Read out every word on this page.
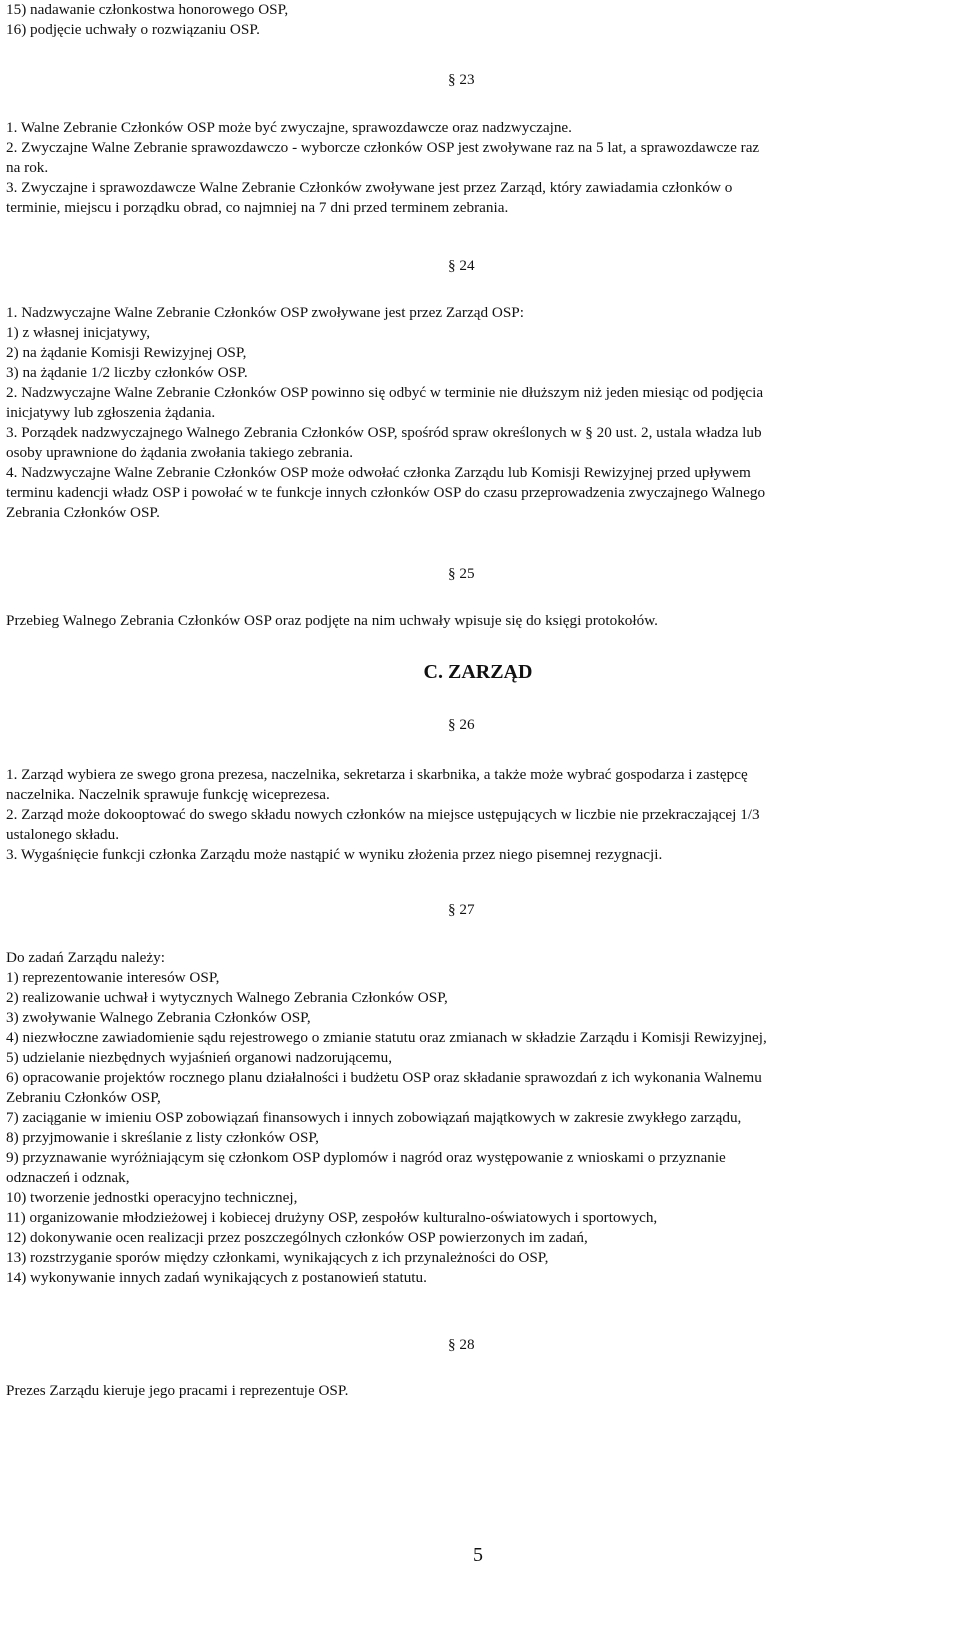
15) nadawanie członkostwa honorowego OSP,
16) podjęcie uchwały o rozwiązaniu OSP.
§ 23
1. Walne Zebranie Członków OSP może być zwyczajne, sprawozdawcze oraz nadzwyczajne.
2. Zwyczajne Walne Zebranie sprawozdawczo - wyborcze członków OSP jest zwoływane raz na 5 lat, a sprawozdawcze raz
na rok.
3. Zwyczajne i sprawozdawcze Walne Zebranie Członków zwoływane jest przez Zarząd, który zawiadamia członków o
terminie, miejscu i porządku obrad, co najmniej na 7 dni przed terminem zebrania.
§ 24
1. Nadzwyczajne Walne Zebranie Członków OSP zwoływane jest przez Zarząd OSP:
1) z własnej inicjatywy,
2) na żądanie Komisji Rewizyjnej OSP,
3) na żądanie 1/2 liczby członków OSP.
2. Nadzwyczajne Walne Zebranie Członków OSP powinno się odbyć w terminie nie dłuższym niż jeden miesiąc od podjęcia
inicjatywy lub zgłoszenia żądania.
3. Porządek nadzwyczajnego Walnego Zebrania Członków OSP, spośród spraw określonych w § 20 ust. 2, ustala władza lub
osoby uprawnione do żądania zwołania takiego zebrania.
4. Nadzwyczajne Walne Zebranie Członków OSP może odwołać członka Zarządu lub Komisji Rewizyjnej przed upływem
terminu kadencji władz OSP i powołać w te funkcje innych członków OSP do czasu przeprowadzenia zwyczajnego Walnego
Zebrania Członków OSP.
§ 25
Przebieg Walnego Zebrania Członków OSP oraz podjęte na nim uchwały wpisuje się do księgi protokołów.
C. ZARZĄD
§ 26
1. Zarząd wybiera ze swego grona prezesa, naczelnika, sekretarza i skarbnika, a także może wybrać gospodarza i zastępcę
naczelnika. Naczelnik sprawuje funkcję wiceprezesa.
2. Zarząd może dokooptować do swego składu nowych członków na miejsce ustępujących w liczbie nie przekraczającej 1/3
ustalonego składu.
3. Wygaśnięcie funkcji członka Zarządu może nastąpić w wyniku złożenia przez niego pisemnej rezygnacji.
§ 27
Do zadań Zarządu należy:
1) reprezentowanie interesów OSP,
2) realizowanie uchwał i wytycznych Walnego Zebrania Członków OSP,
3) zwoływanie Walnego Zebrania Członków OSP,
4) niezwłoczne zawiadomienie sądu rejestrowego o zmianie statutu oraz zmianach w składzie Zarządu i Komisji Rewizyjnej,
5) udzielanie niezbędnych wyjaśnień organowi nadzorującemu,
6) opracowanie projektów rocznego planu działalności i budżetu OSP oraz składanie sprawozdań z ich wykonania Walnemu
Zebraniu Członków OSP,
7) zaciąganie w imieniu OSP zobowiązań finansowych i innych zobowiązań majątkowych w zakresie zwykłego zarządu,
8) przyjmowanie i skreślanie z listy członków OSP,
9) przyznawanie wyróżniającym się członkom OSP dyplomów i nagród oraz występowanie z wnioskami o przyznanie
odznaczeń i odznak,
10) tworzenie jednostki operacyjno technicznej,
11) organizowanie młodzieżowej i kobiecej drużyny OSP, zespołów kulturalno-oświatowych i sportowych,
12) dokonywanie ocen realizacji przez poszczególnych członków OSP powierzonych im zadań,
13) rozstrzyganie sporów między członkami, wynikających z ich przynależności do OSP,
14) wykonywanie innych zadań wynikających z postanowień statutu.
§ 28
Prezes Zarządu kieruje jego pracami i reprezentuje OSP.
5
